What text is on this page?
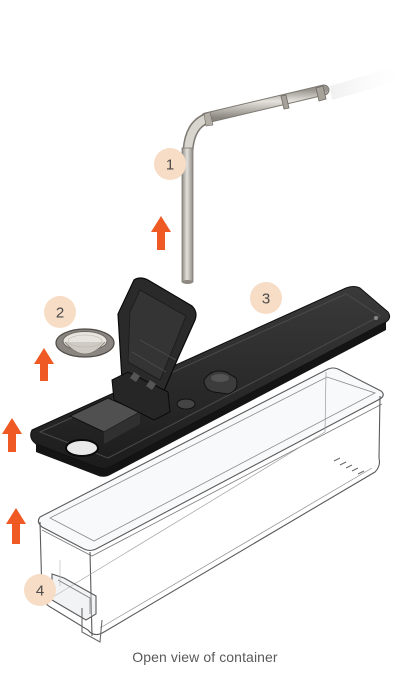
1
2
3
4
Open view of container
